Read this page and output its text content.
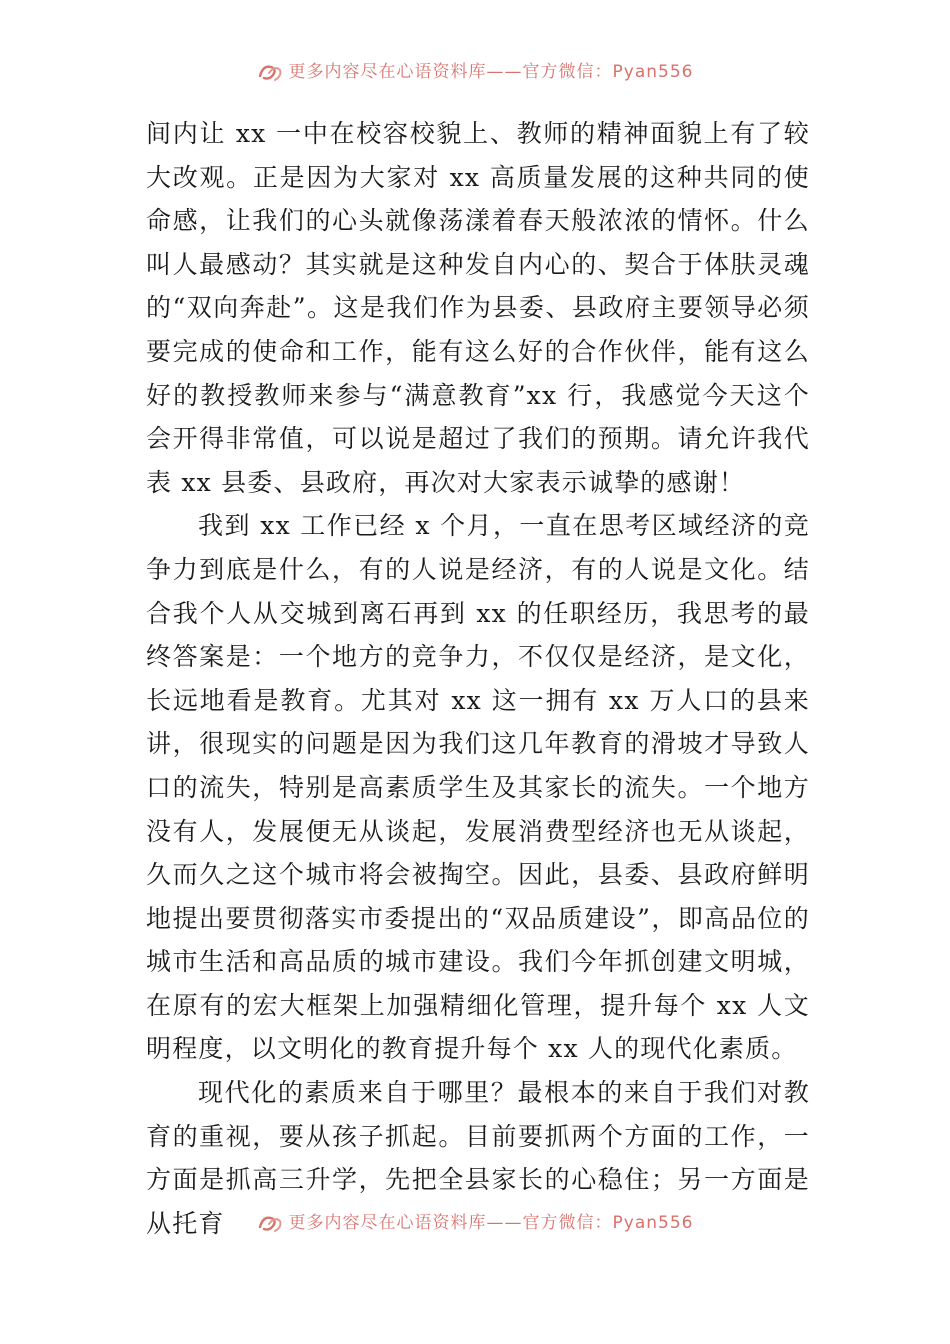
更多内容尽在心语资料库——官方微信：Pyan556

间内让 xx 一中在校容校貌上、教师的精神面貌上有了较大改观。正是因为大家对 xx 高质量发展的这种共同的使命感，让我们的心头就像荡漾着春天般浓浓的情怀。什么叫人最感动？其实就是这种发自内心的、契合于体肤灵魂的“双向奔赴”。这是我们作为县委、县政府主要领导必须要完成的使命和工作，能有这么好的合作伙伴，能有这么好的教授教师来参与“满意教育”xx 行，我感觉今天这个会开得非常值，可以说是超过了我们的预期。请允许我代表 xx 县委、县政府，再次对大家表示诚挚的感谢！

我到 xx 工作已经 x 个月，一直在思考区域经济的竞争力到底是什么，有的人说是经济，有的人说是文化。结合我个人从交城到离石再到 xx 的任职经历，我思考的最终答案是：一个地方的竞争力，不仅仅是经济，是文化，长远地看是教育。尤其对 xx 这一拥有 xx 万人口的县来讲，很现实的问题是因为我们这几年教育的滑坡才导致人口的流失，特别是高素质学生及其家长的流失。一个地方没有人，发展便无从谈起，发展消费型经济也无从谈起，久而久之这个城市将会被掏空。因此，县委、县政府鲜明地提出要贯彻落实市委提出的“双品质建设”，即高品位的城市生活和高品质的城市建设。我们今年抓创建文明城，在原有的宏大框架上加强精细化管理，提升每个 xx 人文明程度，以文明化的教育提升每个 xx 人的现代化素质。

现代化的素质来自于哪里？最根本的来自于我们对教育的重视，要从孩子抓起。目前要抓两个方面的工作，一方面是抓高三升学，先把全县家长的心稳住；另一方面是从托育	更多内容尽在心语资料库——官方微信：Pyan556
